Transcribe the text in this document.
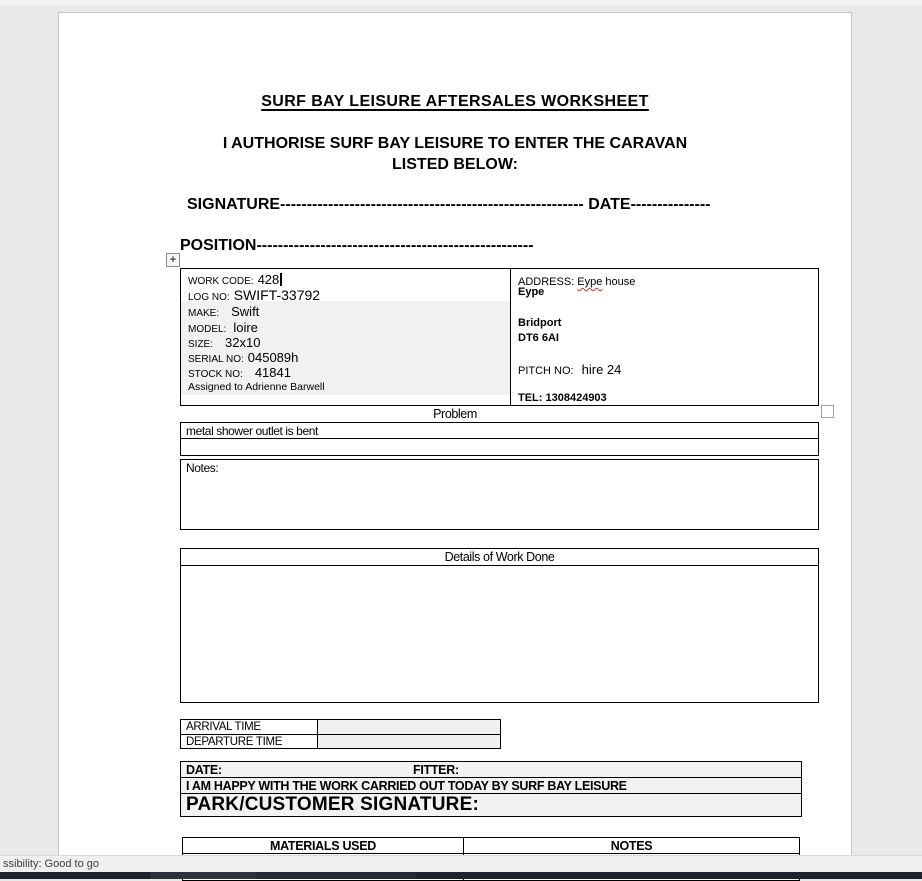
SURF BAY LEISURE AFTERSALES WORKSHEET
I AUTHORISE SURF BAY LEISURE TO ENTER THE CARAVAN
LISTED BELOW:
SIGNATURE--------------------------------------------------------- DATE---------------
POSITION----------------------------------------------------
+
WORK CODE: 428
LOG NO: SWIFT-33792
MAKE: Swift
MODEL: loire
SIZE: 32x10
SERIAL NO: 045089h
STOCK NO: 41841
Assigned to Adrienne Barwell
ADDRESS: Eype house
Eype
Bridport
DT6 6AI
PITCH NO: hire 24
TEL: 1308424903
Problem
metal shower outlet is bent
Notes:
Details of Work Done
ARRIVAL TIME
DEPARTURE TIME
DATE:	FITTER:
I AM HAPPY WITH THE WORK CARRIED OUT TODAY BY SURF BAY LEISURE
PARK/CUSTOMER SIGNATURE:
MATERIALS USED	NOTES
ssibility: Good to go
